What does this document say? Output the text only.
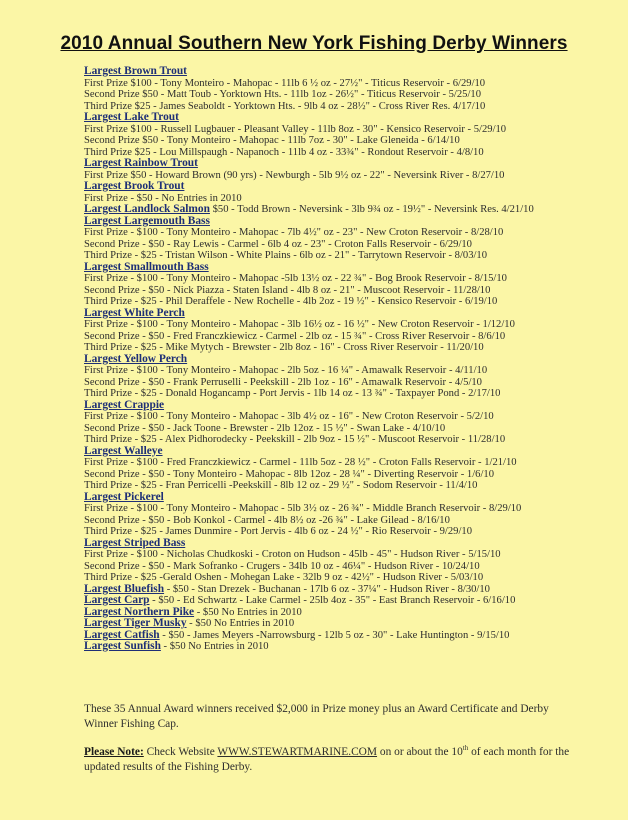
2010 Annual Southern New York Fishing Derby Winners
Largest Brown Trout
First Prize $100 - Tony Monteiro - Mahopac - 11lb 6 ½ oz - 27½" - Titicus Reservoir - 6/29/10
Second Prize $50 - Matt Toub - Yorktown Hts. - 11lb 1oz - 26½" - Titicus Reservoir - 5/25/10
Third Prize $25 - James Seaboldt - Yorktown Hts. - 9lb 4 oz - 28½" - Cross River Res. 4/17/10
Largest Lake Trout
First Prize $100 - Russell Lugbauer - Pleasant Valley - 11lb 8oz - 30" - Kensico Reservoir - 5/29/10
Second Prize $50 - Tony Monteiro - Mahopac - 11lb 7oz - 30" - Lake Gleneida - 6/14/10
Third Prize $25 - Lou Millspaugh - Napanoch - 11lb 4 oz - 33¾" - Rondout Reservoir - 4/8/10
Largest Rainbow Trout
First Prize $50 - Howard Brown (90 yrs) - Newburgh - 5lb 9½ oz - 22" - Neversink River - 8/27/10
Largest Brook Trout
First Prize - $50 - No Entries in 2010
Largest Landlock Salmon $50 - Todd Brown - Neversink - 3lb 9¾ oz - 19½" - Neversink Res. 4/21/10
Largest Largemouth Bass
First Prize - $100 - Tony Monteiro - Mahopac - 7lb 4½" oz - 23" - New Croton Reservoir - 8/28/10
Second Prize - $50 - Ray Lewis - Carmel - 6lb 4 oz - 23" - Croton Falls Reservoir - 6/29/10
Third Prize - $25 - Tristan Wilson - White Plains - 6lb oz - 21" - Tarrytown Reservoir - 8/03/10
Largest Smallmouth Bass
First Prize - $100 - Tony Monteiro - Mahopac -5lb 13½ oz - 22 ¾" - Bog Brook Reservoir - 8/15/10
Second Prize - $50 - Nick Piazza - Staten Island - 4lb 8 oz - 21" - Muscoot Reservoir - 11/28/10
Third Prize - $25 - Phil Deraffele - New Rochelle - 4lb 2oz - 19 ½" - Kensico Reservoir - 6/19/10
Largest White Perch
First Prize - $100 - Tony Monteiro - Mahopac - 3lb 16½ oz - 16 ½" - New Croton Reservoir - 1/12/10
Second Prize - $50 - Fred Franczkiewicz - Carmel - 2lb oz - 15 ¾" - Cross River Reservoir - 8/6/10
Third Prize - $25 - Mike Mytych - Brewster - 2lb 8oz - 16" - Cross River Reservoir - 11/20/10
Largest Yellow Perch
First Prize - $100 - Tony Monteiro - Mahopac - 2lb 5oz - 16 ¼" - Amawalk Reservoir - 4/11/10
Second Prize - $50 - Frank Perruselli - Peekskill - 2lb 1oz - 16" - Amawalk Reservoir - 4/5/10
Third Prize - $25 - Donald Hogancamp - Port Jervis - 1lb 14 oz - 13 ¾" - Taxpayer Pond - 2/17/10
Largest Crappie
First Prize - $100 - Tony Monteiro - Mahopac - 3lb 4½ oz - 16" - New Croton Reservoir - 5/2/10
Second Prize - $50 - Jack Toone - Brewster - 2lb 12oz - 15 ½" - Swan Lake - 4/10/10
Third Prize - $25 - Alex Pidhorodecky - Peekskill - 2lb 9oz - 15 ½" - Muscoot Reservoir - 11/28/10
Largest Walleye
First Prize - $100 - Fred Franczkiewicz - Carmel - 11lb 5oz - 28 ½" - Croton Falls Reservoir - 1/21/10
Second Prize - $50 - Tony Monteiro - Mahopac - 8lb 12oz - 28 ¼" - Diverting Reservoir - 1/6/10
Third Prize - $25 - Fran Perricelli -Peekskill - 8lb 12 oz - 29 ½" - Sodom Reservoir - 11/4/10
Largest Pickerel
First Prize - $100 - Tony Monteiro - Mahopac - 5lb 3½ oz - 26 ¾" - Middle Branch Reservoir - 8/29/10
Second Prize - $50 - Bob Konkol - Carmel - 4lb 8½ oz -26 ¾" - Lake Gilead - 8/16/10
Third Prize - $25 - James Dunmire - Port Jervis - 4lb 6 oz - 24 ½" - Rio Reservoir - 9/29/10
Largest Striped Bass
First Prize - $100 - Nicholas Chudkoski - Croton on Hudson - 45lb - 45" - Hudson River - 5/15/10
Second Prize - $50 - Mark Sofranko - Crugers - 34lb 10 oz - 46¼" - Hudson River - 10/24/10
Third Prize - $25 -Gerald Oshen - Mohegan Lake - 32lb 9 oz - 42½" - Hudson River - 5/03/10
Largest Bluefish - $50 - Stan Drezek - Buchanan - 17lb 6 oz - 37¼" - Hudson River - 8/30/10
Largest Carp - $50 - Ed Schwartz - Lake Carmel - 25lb 4oz - 35" - East Branch Reservoir - 6/16/10
Largest Northern Pike - $50 No Entries in 2010
Largest Tiger Musky - $50 No Entries in 2010
Largest Catfish - $50 - James Meyers -Narrowsburg - 12lb 5 oz - 30" - Lake Huntington - 9/15/10
Largest Sunfish - $50 No Entries in 2010
These 35 Annual Award winners received $2,000 in Prize money plus an Award Certificate and Derby Winner Fishing Cap.
Please Note: Check Website WWW.STEWARTMARINE.COM on or about the 10th of each month for the updated results of the Fishing Derby.
